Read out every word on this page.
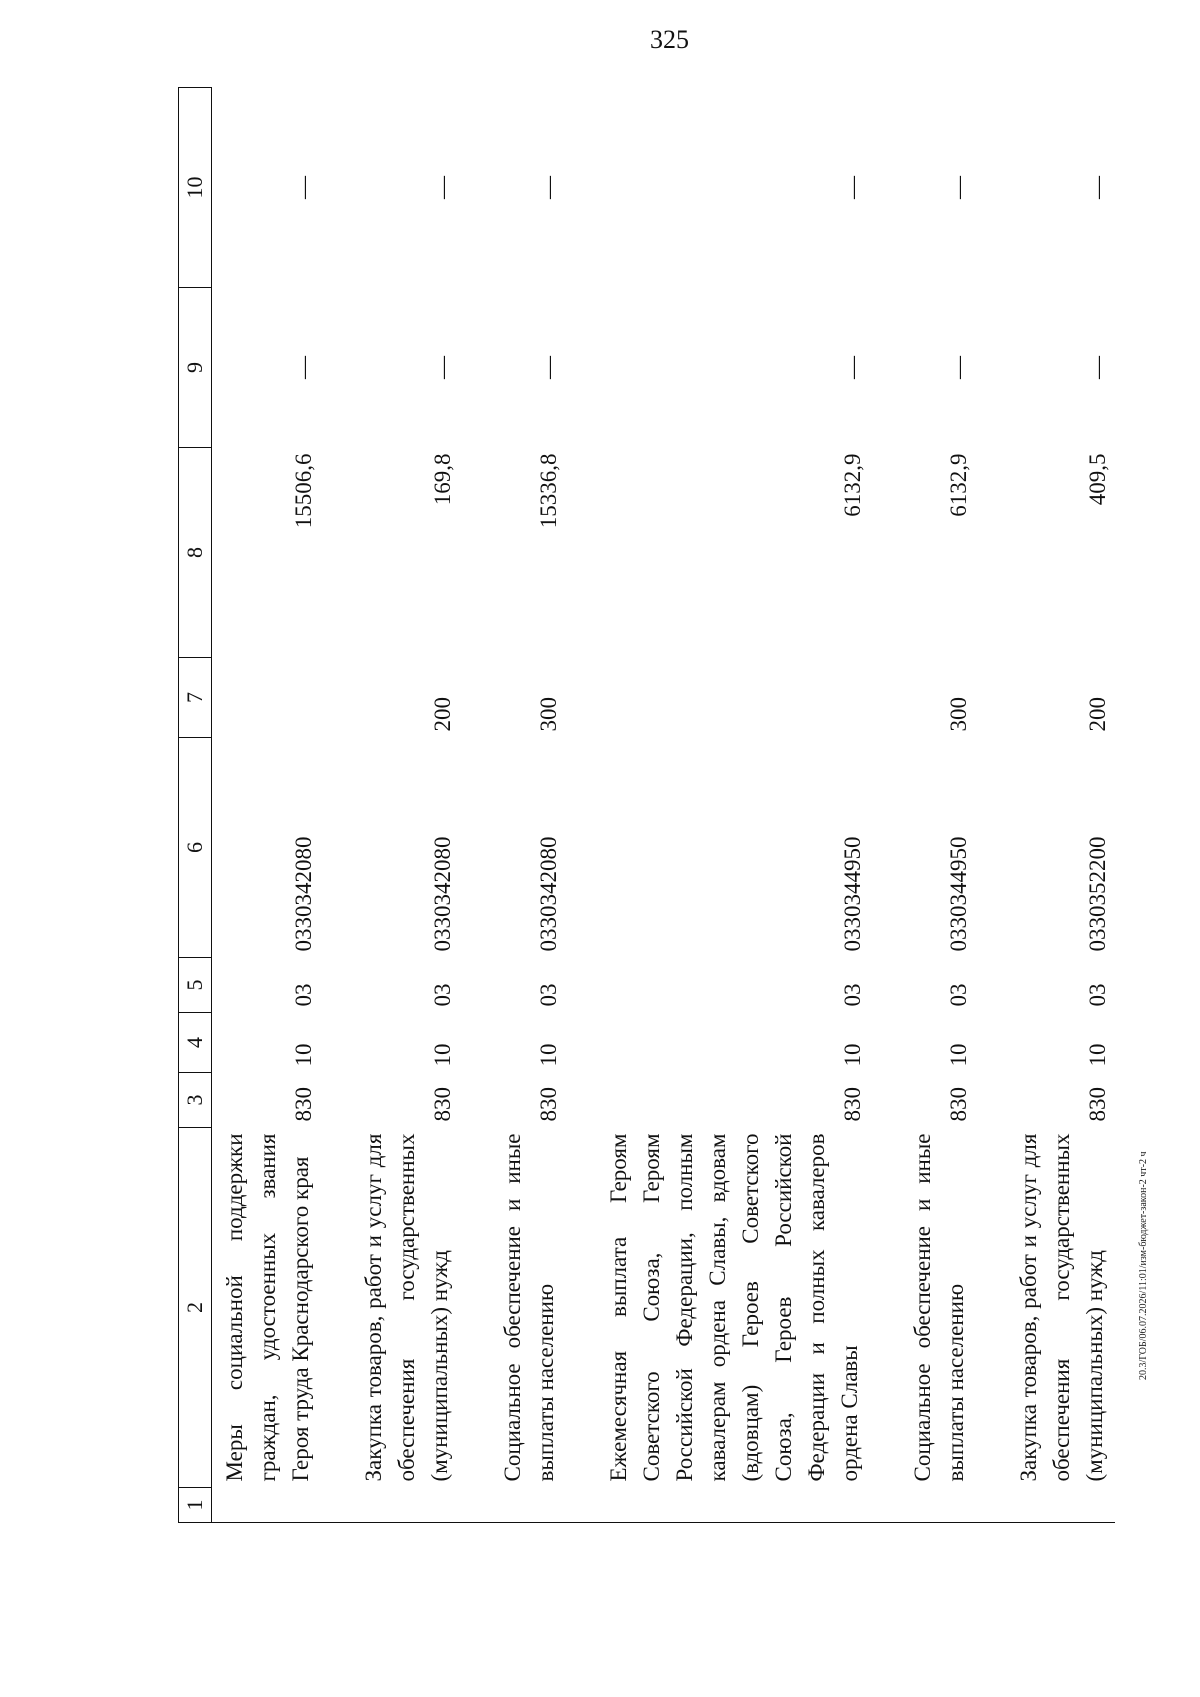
325
20.3/ГОБ/06.07.2026/11:01/изм-бюджет-закон-2 чт-2 ч
1	2	3	4	5	6	7	8	9	10
	Меры социальной поддержки граждан, удостоенных звания Героя труда Краснодарского края	830	10	03	0330342080		15506,6	—	—

	Закупка товаров, работ и услуг для обеспечения государственных (муниципальных) нужд	830	10	03	0330342080	200	169,8	—	—

	Социальное обеспечение и иные выплаты населению	830	10	03	0330342080	300	15336,8	—	—

	Ежемесячная выплата Героям Советского Союза, Героям Российской Федерации, полным кавалерам ордена Славы, вдовам (вдовцам) Героев Советского Союза, Героев Российской Федерации и полных кавалеров ордена Славы	830	10	03	0330344950		6132,9	—	—

	Социальное обеспечение и иные выплаты населению	830	10	03	0330344950	300	6132,9	—	—

	Закупка товаров, работ и услуг для обеспечения государственных (муниципальных) нужд	830	10	03	0330352200	200	409,5	—	—
